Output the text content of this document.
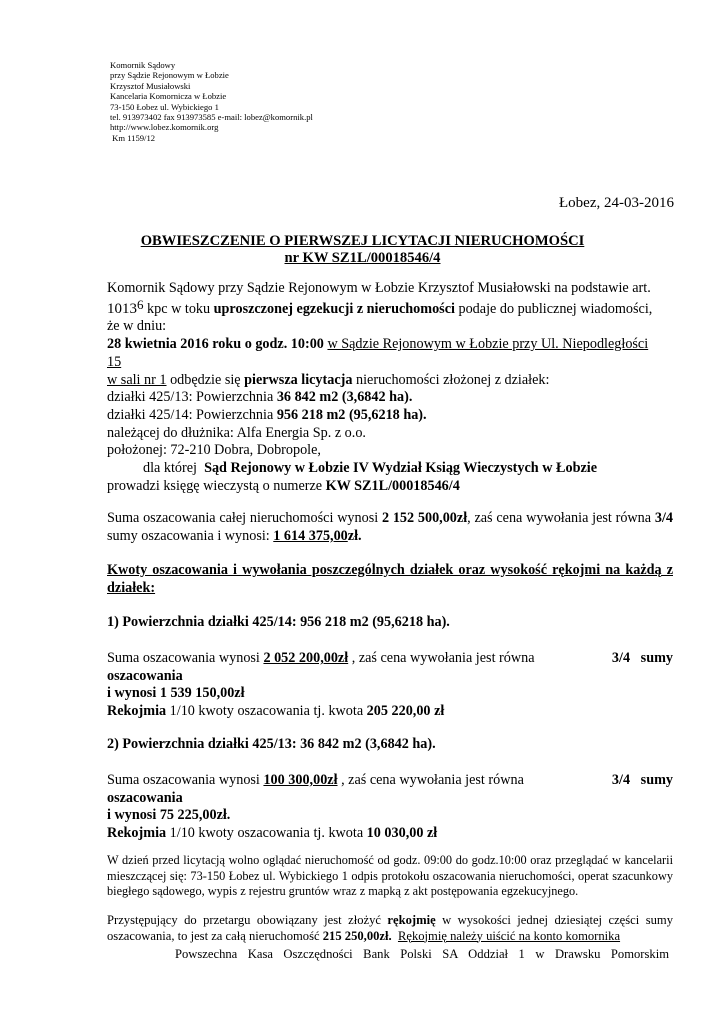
Komornik Sądowy
przy Sądzie Rejonowym w Łobzie
Krzysztof Musiałowski
Kancelaria Komornicza w Łobzie
73-150 Łobez ul. Wybickiego 1
tel. 913973402 fax 913973585 e-mail: lobez@komornik.pl
http://www.lobez.komornik.org
Km 1159/12
Łobez, 24-03-2016
OBWIESZCZENIE O PIERWSZEJ LICYTACJI NIERUCHOMOŚCI
nr KW SZ1L/00018546/4
Komornik Sądowy przy Sądzie Rejonowym w Łobzie Krzysztof Musiałowski na podstawie art.
1013$^6$ kpc w toku uproszczonej egzekucji z nieruchomości podaje do publicznej wiadomości,
że w dniu:
28 kwietnia 2016 roku o godz. 10:00 w Sądzie Rejonowym w Łobzie przy Ul. Niepodległości
15
w sali nr 1 odbędzie się pierwsza licytacja nieruchomości złożonej z działek:
działki 425/13: Powierzchnia 36 842 m2 (3,6842 ha).
działki 425/14: Powierzchnia 956 218 m2 (95,6218 ha).
należącej do dłużnika: Alfa Energia Sp. z o.o.
położonej: 72-210 Dobra, Dobropole,
dla której  Sąd Rejonowy w Łobzie IV Wydział Ksiąg Wieczystych w Łobzie
prowadzi księgę wieczystą o numerze KW SZ1L/00018546/4
Suma oszacowania całej nieruchomości wynosi 2 152 500,00zł, zaś cena wywołania jest równa 3/4 sumy oszacowania i wynosi: 1 614 375,00zł.
Kwoty oszacowania i wywołania poszczególnych działek oraz wysokość rękojmi na każdą z działek:
1) Powierzchnia działki 425/14: 956 218 m2 (95,6218 ha).
Suma oszacowania wynosi 2 052 200,00zł , zaś cena wywołania jest równa	3/4   sumy
oszacowania
i wynosi 1 539 150,00zł
Rekojmia 1/10 kwoty oszacowania tj. kwota 205 220,00 zł
2) Powierzchnia działki 425/13: 36 842 m2 (3,6842 ha).
Suma oszacowania wynosi 100 300,00zł , zaś cena wywołania jest równa	3/4   sumy
oszacowania
i wynosi 75 225,00zł.
Rekojmia 1/10 kwoty oszacowania tj. kwota 10 030,00 zł
W dzień przed licytacją wolno oglądać nieruchomość od godz. 09:00 do godz.10:00 oraz przeglądać w kancelarii mieszczącej się: 73-150 Łobez ul. Wybickiego 1 odpis protokołu oszacowania nieruchomości, operat szacunkowy biegłego sądowego, wypis z rejestru gruntów wraz z mapką z akt postępowania egzekucyjnego.
Przystępujący do przetargu obowiązany jest złożyć rękojmię w wysokości jednej dziesiątej części sumy oszacowania, to jest za całą nieruchomość 215 250,00zł. Rękojmię należy uiścić na konto komornika
Powszechna Kasa Oszczędności Bank Polski SA Oddział 1 w Drawsku Pomorskim
